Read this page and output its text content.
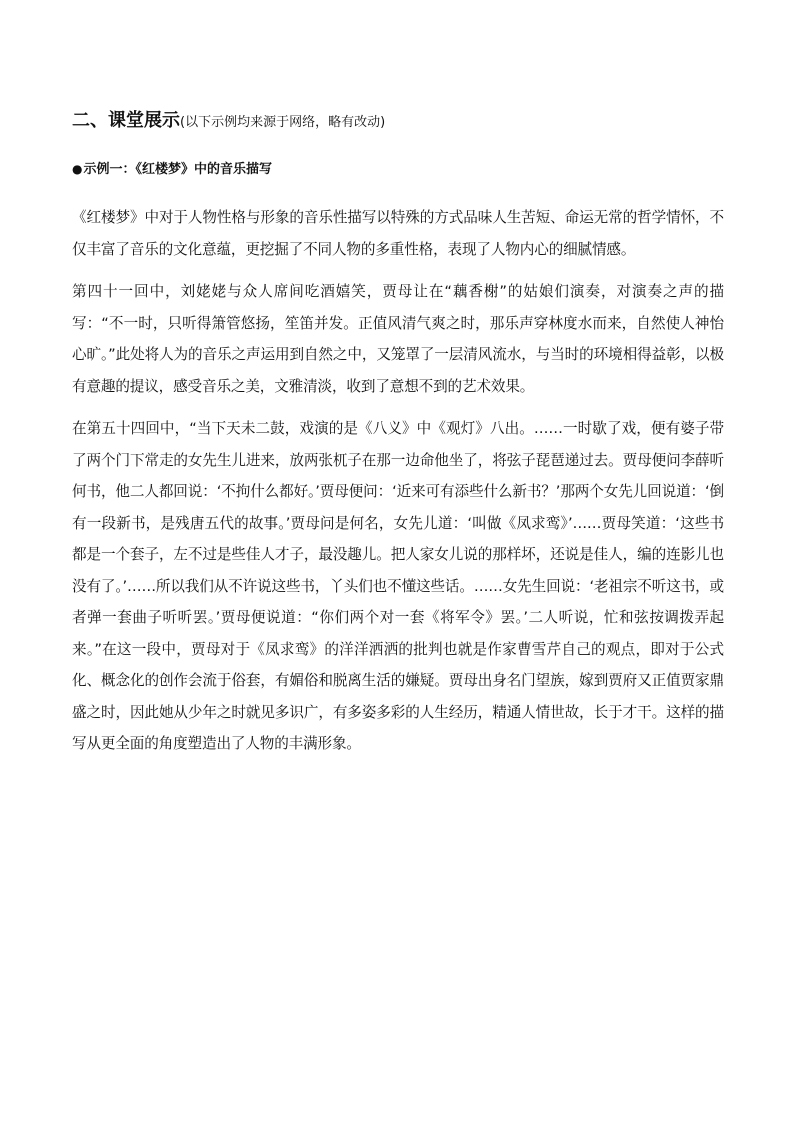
二、课堂展示(以下示例均来源于网络，略有改动)
●示例一：《红楼梦》中的音乐描写

《红楼梦》中对于人物性格与形象的音乐性描写以特殊的方式品味人生苦短、命运无常的哲学情怀，不仅丰富了音乐的文化意蕴，更挖掘了不同人物的多重性格，表现了人物内心的细腻情感。

第四十一回中，刘姥姥与众人席间吃酒嬉笑，贾母让在“藕香榭”的姑娘们演奏，对演奏之声的描写：“不一时，只听得箫管悠扬，笙笛并发。正值风清气爽之时，那乐声穿林度水而来，自然使人神怡心旷。”此处将人为的音乐之声运用到自然之中，又笼罩了一层清风流水，与当时的环境相得益彰，以极有意趣的提议，感受音乐之美，文雅清淡，收到了意想不到的艺术效果。

在第五十四回中，“当下天未二鼓，戏演的是《八义》中《观灯》八出。……一时歇了戏，便有婆子带了两个门下常走的女先生儿进来，放两张杌子在那一边命他坐了，将弦子琵琶递过去。贾母便问李薛听何书，他二人都回说：‘不拘什么都好。’贾母便问：‘近来可有添些什么新书？’那两个女先儿回说道：‘倒有一段新书，是残唐五代的故事。’贾母问是何名，女先儿道：‘叫做《凤求鸾》’……贾母笑道：‘这些书都是一个套子，左不过是些佳人才子，最没趣儿。把人家女儿说的那样坏，还说是佳人，编的连影儿也没有了。’……所以我们从不许说这些书，丫头们也不懂这些话。……女先生回说：‘老祖宗不听这书，或者弹一套曲子听听罢。’贾母便说道：“你们两个对一套《将军令》罢。’二人听说，忙和弦按调拨弄起来。”在这一段中，贾母对于《凤求鸾》的洋洋洒洒的批判也就是作家曹雪芹自己的观点，即对于公式化、概念化的创作会流于俗套，有媚俗和脱离生活的嫌疑。贾母出身名门望族，嫁到贾府又正值贾家鼎盛之时，因此她从少年之时就见多识广，有多姿多彩的人生经历，精通人情世故，长于才干。这样的描写从更全面的角度塑造出了人物的丰满形象。
